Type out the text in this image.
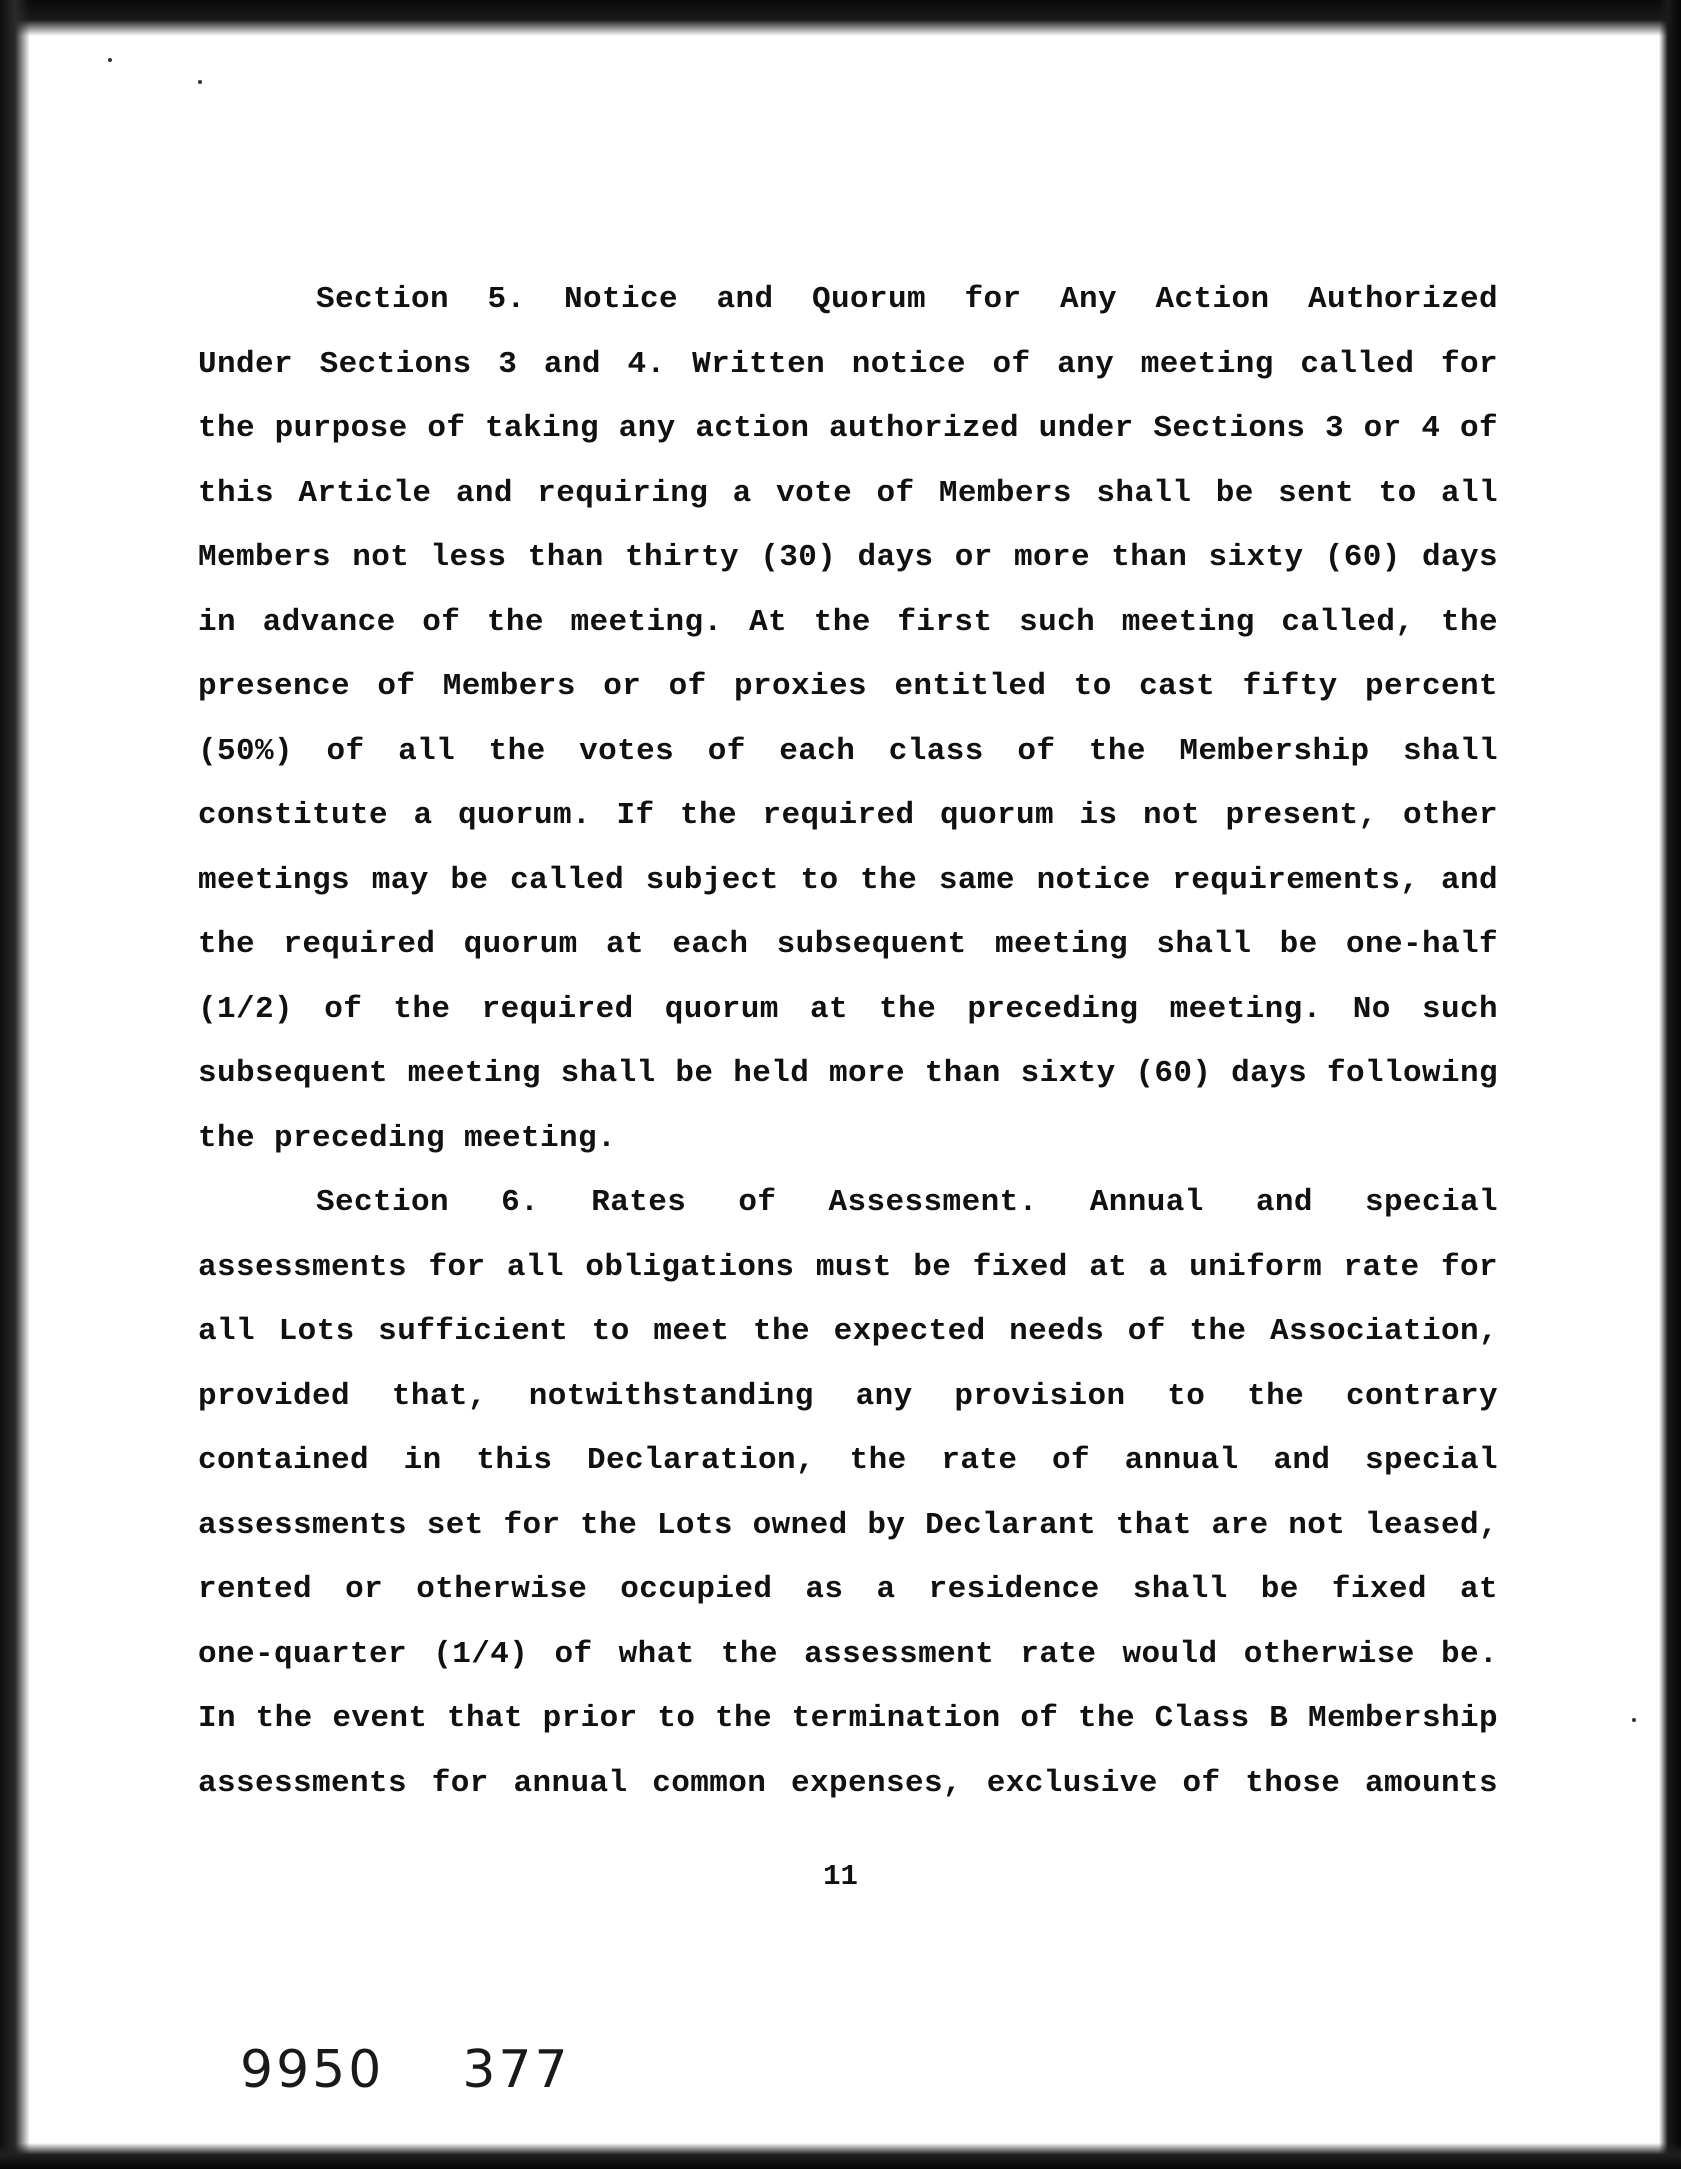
Section 5. Notice and Quorum for Any Action Authorized
Under Sections 3 and 4. Written notice of any meeting called for
the purpose of taking any action authorized under Sections 3 or 4 of
this Article and requiring a vote of Members shall be sent to all
Members not less than thirty (30) days or more than sixty (60) days
in advance of the meeting. At the first such meeting called, the
presence of Members or of proxies entitled to cast fifty percent
(50%) of all the votes of each class of the Membership shall
constitute a quorum. If the required quorum is not present, other
meetings may be called subject to the same notice requirements, and
the required quorum at each subsequent meeting shall be one-half
(1/2) of the required quorum at the preceding meeting. No such
subsequent meeting shall be held more than sixty (60) days following
the preceding meeting.
Section 6. Rates of Assessment. Annual and special
assessments for all obligations must be fixed at a uniform rate for
all Lots sufficient to meet the expected needs of the Association,
provided that, notwithstanding any provision to the contrary
contained in this Declaration, the rate of annual and special
assessments set for the Lots owned by Declarant that are not leased,
rented or otherwise occupied as a residence shall be fixed at
one-quarter (1/4) of what the assessment rate would otherwise be.
In the event that prior to the termination of the Class B Membership
assessments for annual common expenses, exclusive of those amounts
11
9950 377
